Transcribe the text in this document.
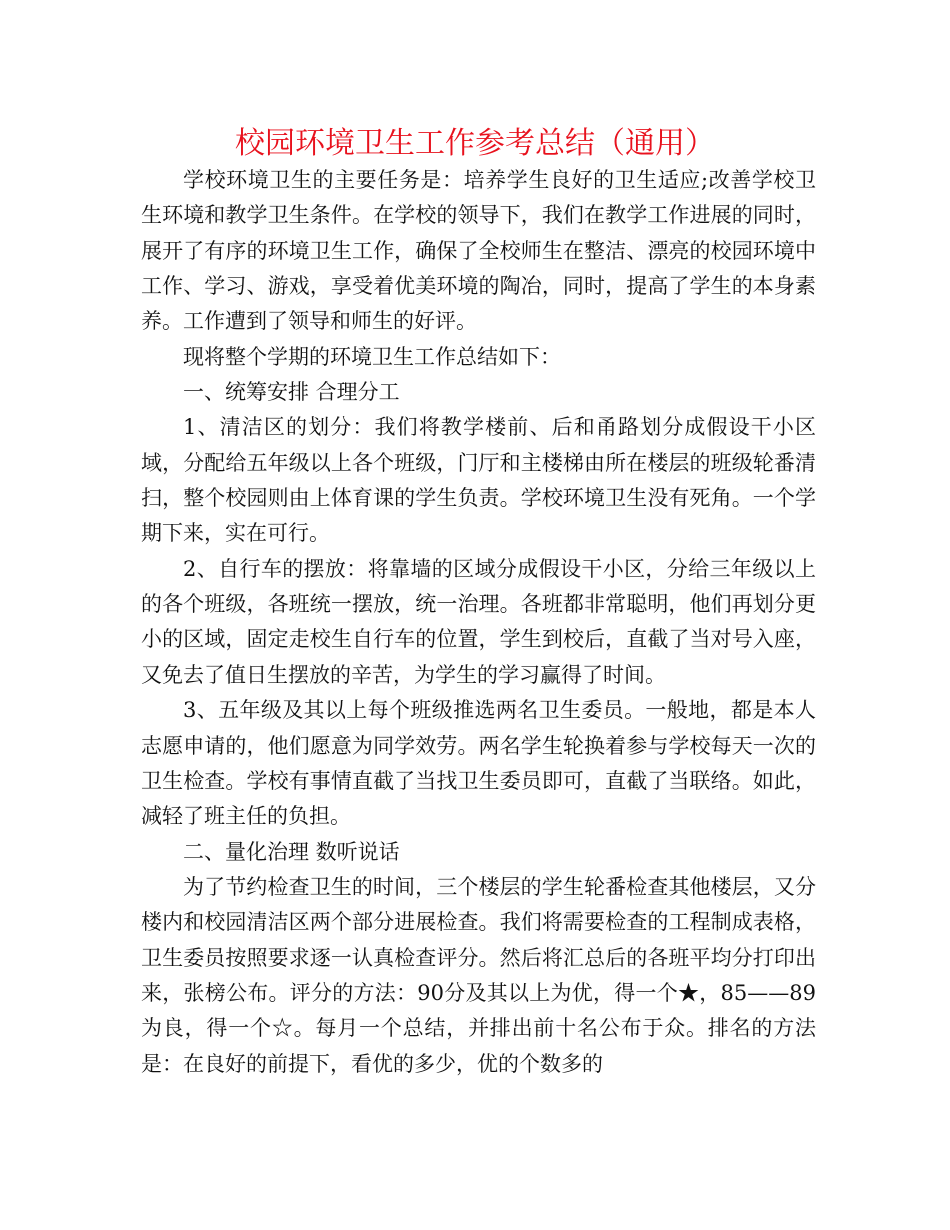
校园环境卫生工作参考总结（通用）

学校环境卫生的主要任务是：培养学生良好的卫生适应;改善学校卫生环境和教学卫生条件。在学校的领导下，我们在教学工作进展的同时，展开了有序的环境卫生工作，确保了全校师生在整洁、漂亮的校园环境中工作、学习、游戏，享受着优美环境的陶冶，同时，提高了学生的本身素养。工作遭到了领导和师生的好评。

现将整个学期的环境卫生工作总结如下：

一、统筹安排 合理分工

1、清洁区的划分：我们将教学楼前、后和甬路划分成假设干小区域，分配给五年级以上各个班级，门厅和主楼梯由所在楼层的班级轮番清扫，整个校园则由上体育课的学生负责。学校环境卫生没有死角。一个学期下来，实在可行。

2、自行车的摆放：将靠墙的区域分成假设干小区，分给三年级以上的各个班级，各班统一摆放，统一治理。各班都非常聪明，他们再划分更小的区域，固定走校生自行车的位置，学生到校后，直截了当对号入座，又免去了值日生摆放的辛苦，为学生的学习赢得了时间。

3、五年级及其以上每个班级推选两名卫生委员。一般地，都是本人志愿申请的，他们愿意为同学效劳。两名学生轮换着参与学校每天一次的卫生检查。学校有事情直截了当找卫生委员即可，直截了当联络。如此，减轻了班主任的负担。

二、量化治理 数听说话

为了节约检查卫生的时间，三个楼层的学生轮番检查其他楼层，又分楼内和校园清洁区两个部分进展检查。我们将需要检查的工程制成表格，卫生委员按照要求逐一认真检查评分。然后将汇总后的各班平均分打印出来，张榜公布。评分的方法：90分及其以上为优，得一个★，85——89为良，得一个☆。每月一个总结，并排出前十名公布于众。排名的方法是：在良好的前提下，看优的多少，优的个数多的
